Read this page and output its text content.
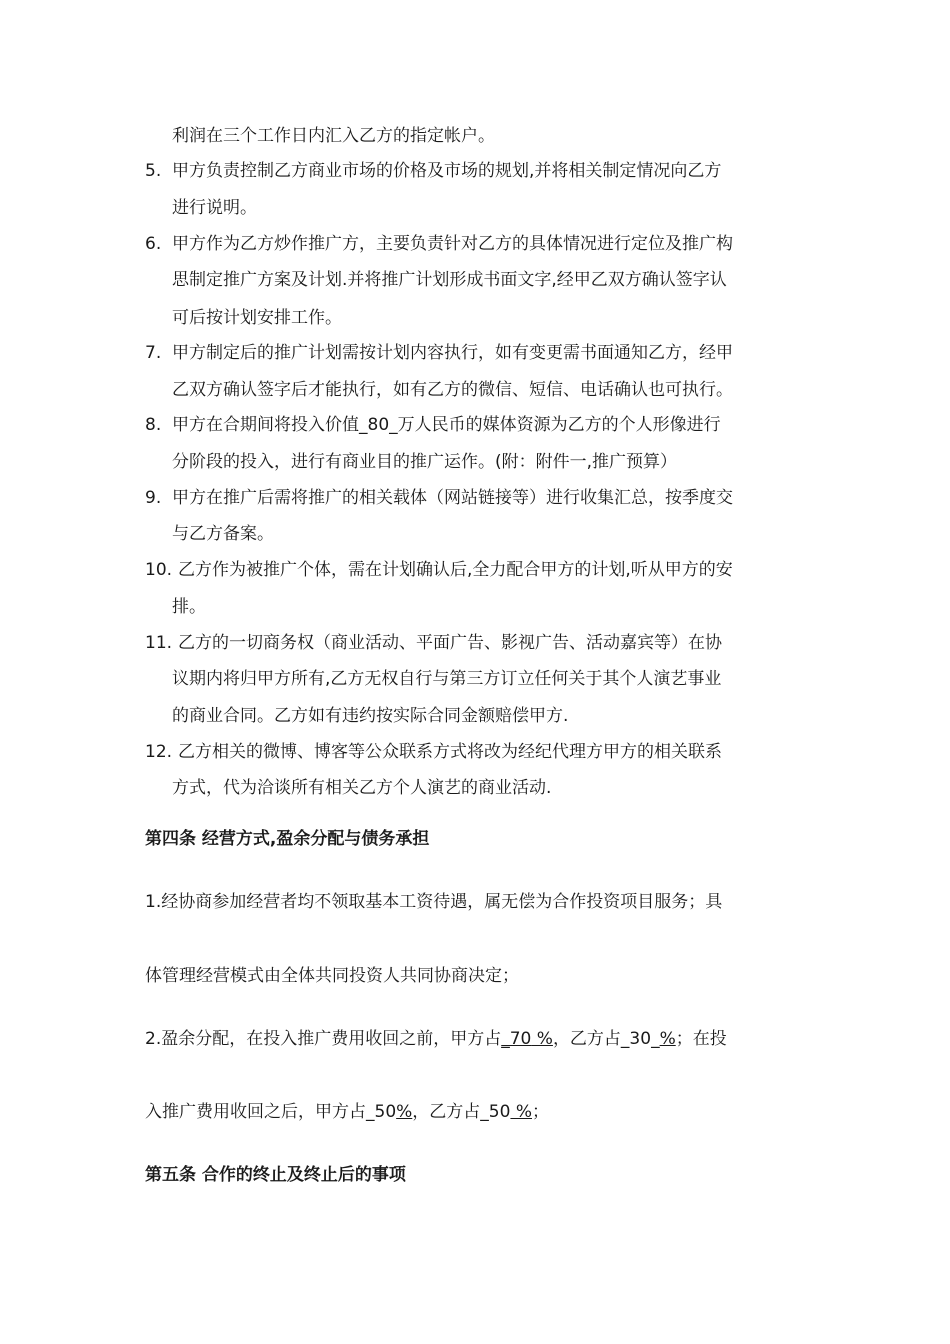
利润在三个工作日内汇入乙方的指定帐户。
5. 甲方负责控制乙方商业市场的价格及市场的规划,并将相关制定情况向乙方
进行说明。
6. 甲方作为乙方炒作推广方，主要负责针对乙方的具体情况进行定位及推广构
思制定推广方案及计划.并将推广计划形成书面文字,经甲乙双方确认签字认
可后按计划安排工作。
7. 甲方制定后的推广计划需按计划内容执行，如有变更需书面通知乙方，经甲
乙双方确认签字后才能执行，如有乙方的微信、短信、电话确认也可执行。
8. 甲方在合期间将投入价值_80_万人民币的媒体资源为乙方的个人形像进行
分阶段的投入，进行有商业目的推广运作。(附：附件一,推广预算）
9. 甲方在推广后需将推广的相关载体（网站链接等）进行收集汇总，按季度交
与乙方备案。
10. 乙方作为被推广个体，需在计划确认后,全力配合甲方的计划,听从甲方的安
排。
11. 乙方的一切商务权（商业活动、平面广告、影视广告、活动嘉宾等）在协
议期内将归甲方所有,乙方无权自行与第三方订立任何关于其个人演艺事业
的商业合同。乙方如有违约按实际合同金额赔偿甲方.
12. 乙方相关的微博、博客等公众联系方式将改为经纪代理方甲方的相关联系
方式，代为洽谈所有相关乙方个人演艺的商业活动.
第四条 经营方式,盈余分配与债务承担
1.经协商参加经营者均不领取基本工资待遇，属无偿为合作投资项目服务；具
体管理经营模式由全体共同投资人共同协商决定；
2.盈余分配，在投入推广费用收回之前，甲方占_70 %，乙方占_30_%；在投
入推广费用收回之后，甲方占_50%，乙方占_50 %；
第五条 合作的终止及终止后的事项
